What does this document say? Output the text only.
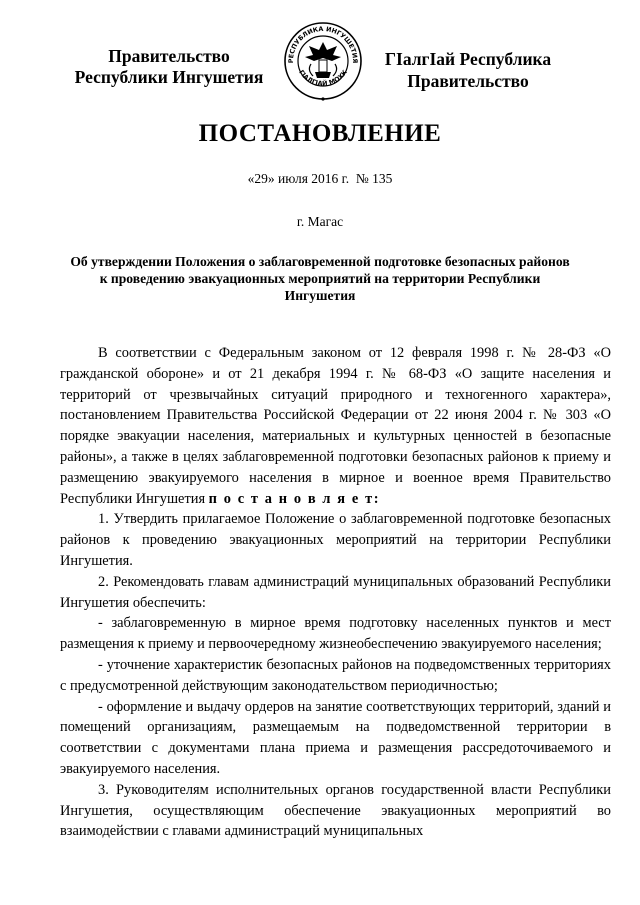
Правительство
Республики Ингушетия
РЕСПУБЛИКА ИНГУШЕТИЯ
ГIАЛГIАЙ МОХК
ГIалгIай Республика
Правительство
ПОСТАНОВЛЕНИЕ
«29» июля 2016 г. № 135
г. Магас
Об утверждении Положения о заблаговременной подготовке безопасных районов к проведению эвакуационных мероприятий на территории Республики Ингушетия

В соответствии с Федеральным законом от 12 февраля 1998 г. № 28-ФЗ «О гражданской обороне» и от 21 декабря 1994 г. № 68-ФЗ «О защите населения и территорий от чрезвычайных ситуаций природного и техногенного характера», постановлением Правительства Российской Федерации от 22 июня 2004 г. № 303 «О порядке эвакуации населения, материальных и культурных ценностей в безопасные районы», а также в целях заблаговременной подготовки безопасных районов к приему и размещению эвакуируемого населения в мирное и военное время Правительство Республики Ингушетия п о с т а н о в л я е т:

1. Утвердить прилагаемое Положение о заблаговременной подготовке безопасных районов к проведению эвакуационных мероприятий на территории Республики Ингушетия.

2. Рекомендовать главам администраций муниципальных образований Республики Ингушетия обеспечить:

- заблаговременную в мирное время подготовку населенных пунктов и мест размещения к приему и первоочередному жизнеобеспечению эвакуируемого населения;

- уточнение характеристик безопасных районов на подведомственных территориях с предусмотренной действующим законодательством периодичностью;

- оформление и выдачу ордеров на занятие соответствующих территорий, зданий и помещений организациям, размещаемым на подведомственной территории в соответствии с документами плана приема и размещения рассредоточиваемого и эвакуируемого населения.

3. Руководителям исполнительных органов государственной власти Республики Ингушетия, осуществляющим обеспечение эвакуационных мероприятий во взаимодействии с главами администраций муниципальных
